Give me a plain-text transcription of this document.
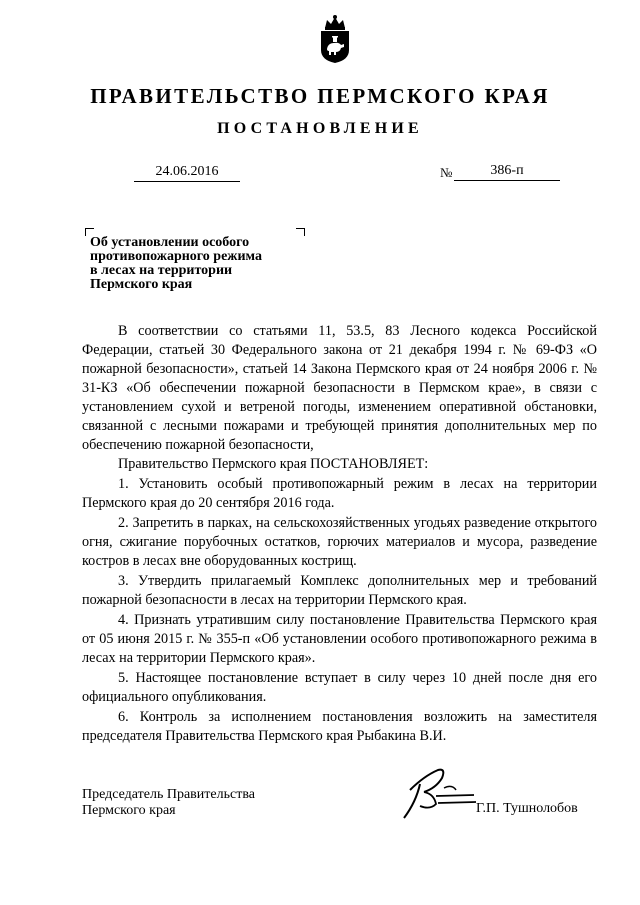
ПРАВИТЕЛЬСТВО ПЕРМСКОГО КРАЯ
ПОСТАНОВЛЕНИЕ
24.06.2016	№	386-п
Об установлении особого
противопожарного режима
в лесах на территории
Пермского края

В соответствии со статьями 11, 53.5, 83 Лесного кодекса Российской Федерации, статьей 30 Федерального закона от 21 декабря 1994 г. № 69-ФЗ «О пожарной безопасности», статьей 14 Закона Пермского края от 24 ноября 2006 г. № 31-КЗ «Об обеспечении пожарной безопасности в Пермском крае», в связи с установлением сухой и ветреной погоды, изменением оперативной обстановки, связанной с лесными пожарами и требующей принятия дополнительных мер по обеспечению пожарной безопасности,

Правительство Пермского края ПОСТАНОВЛЯЕТ:

1. Установить особый противопожарный режим в лесах на территории Пермского края до 20 сентября 2016 года.

2. Запретить в парках, на сельскохозяйственных угодьях разведение открытого огня, сжигание порубочных остатков, горючих материалов и мусора, разведение костров в лесах вне оборудованных кострищ.

3. Утвердить прилагаемый Комплекс дополнительных мер и требований пожарной безопасности в лесах на территории Пермского края.

4. Признать утратившим силу постановление Правительства Пермского края от 05 июня 2015 г. № 355-п «Об установлении особого противопожарного режима в лесах на территории Пермского края».

5. Настоящее постановление вступает в силу через 10 дней после дня его официального опубликования.

6. Контроль за исполнением постановления возложить на заместителя председателя Правительства Пермского края Рыбакина В.И.

Председатель Правительства
Пермского края	Г.П. Тушнолобов
